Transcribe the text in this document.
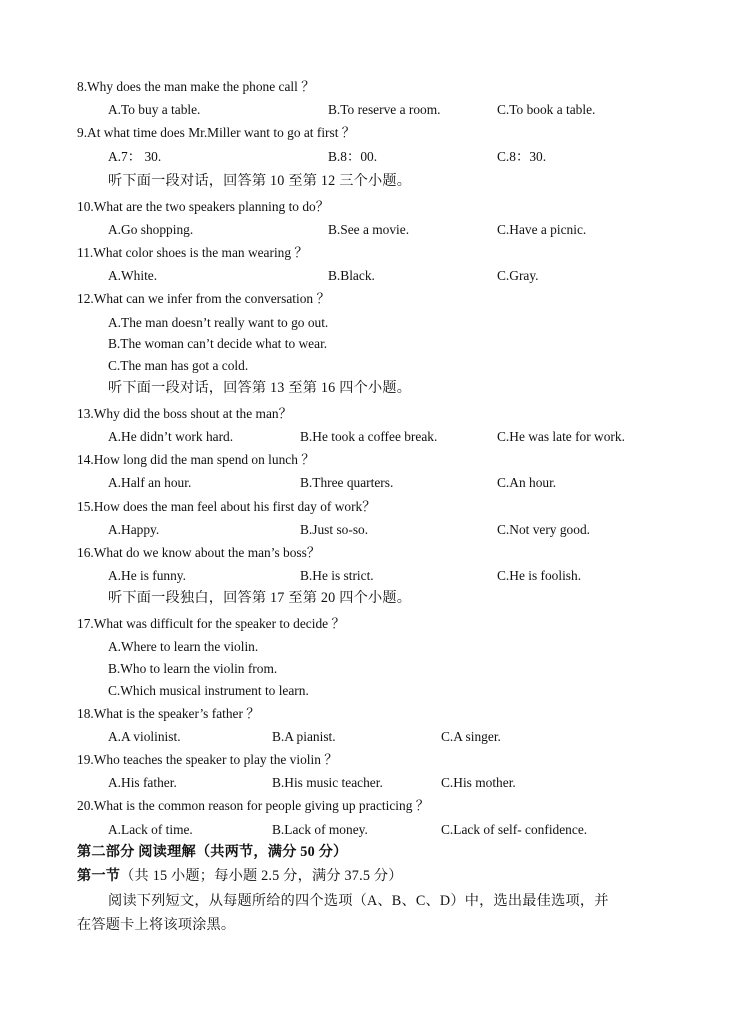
8.Why does the man make the phone call ？
A.To buy a table.	B.To reserve a room.	C.To book a table.
9.At what time does Mr.Miller want to go at first ？
A.7： 30.	B.8：00.	C.8：30.
听下面一段对话，回答第 10 至第 12 三个小题。
10.What are the two speakers planning to do？
A.Go shopping.	B.See a movie.	C.Have a picnic.
11.What color shoes is the man wearing ？
A.White.	B.Black.	C.Gray.
12.What can we infer from the conversation ？
A.The man doesn’t really want to go out.
B.The woman can’t decide what to wear.
C.The man has got a cold.
听下面一段对话，回答第 13 至第 16 四个小题。
13.Why did the boss shout at the man？
A.He didn’t work hard.	B.He took a coffee break.	C.He was late for work.
14.How long did the man spend on lunch ？
A.Half an hour.	B.Three quarters.	C.An hour.
15.How does the man feel about his first day of work？
A.Happy.	B.Just so-so.	C.Not very good.
16.What do we know about the man’s boss？
A.He is funny.	B.He is strict.	C.He is foolish.
听下面一段独白，回答第 17 至第 20 四个小题。
17.What was difficult for the speaker to decide ？
A.Where to learn the violin.
B.Who to learn the violin from.
C.Which musical instrument to learn.
18.What is the speaker’s father ？
A.A violinist.	B.A pianist.	C.A singer.
19.Who teaches the speaker to play the violin ？
A.His father.	B.His music teacher.	C.His mother.
20.What is the common reason for people giving up practicing ？
A.Lack of time.	B.Lack of money.	C.Lack of self- confidence.
第二部分 阅读理解（共两节，满分 50 分）
第一节（共 15 小题；每小题 2.5 分，满分 37.5 分）
阅读下列短文，从每题所给的四个选项（A、B、C、D）中，选出最佳选项，并
在答题卡上将该项涂黑。
